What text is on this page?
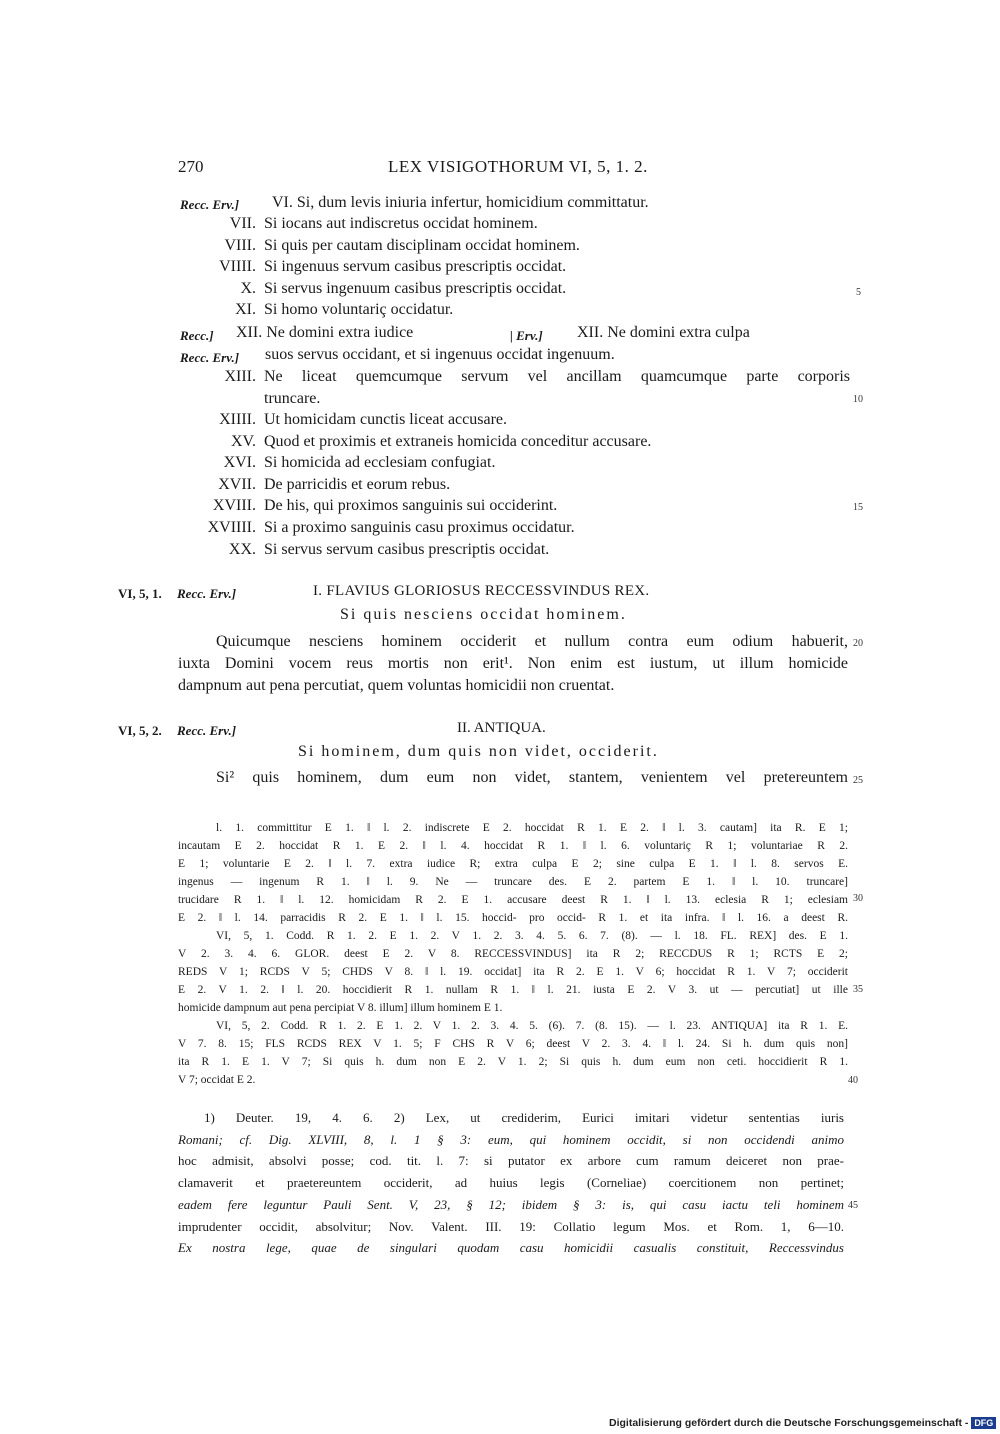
270	LEX VISIGOTHORUM VI, 5, 1. 2.
Recc. Erv.] VI. Si, dum levis iniuria infertur, homicidium committatur.
VII. Si iocans aut indiscretus occidat hominem.
VIII. Si quis per cautam disciplinam occidat hominem.
VIIII. Si ingenuus servum casibus prescriptis occidat.
X. Si servus ingenuum casibus prescriptis occidat.
XI. Si homo voluntariç occidatur.
Recc.] XII. Ne domini extra iudice	| Erv.] XII. Ne domini extra culpa
Recc. Erv.] suos servus occidant, et si ingenuus occidat ingenuum.
XIII. Ne liceat quemcumque servum vel ancillam quamcumque parte corporis
truncare.
XIIII. Ut homicidam cunctis liceat accusare.
XV. Quod et proximis et extraneis homicida conceditur accusare.
XVI. Si homicida ad ecclesiam confugiat.
XVII. De parricidis et eorum rebus.
XVIII. De his, qui proximos sanguinis sui occiderint.
XVIIII. Si a proximo sanguinis casu proximus occidatur.
XX. Si servus servum casibus prescriptis occidat.
5
10
15
20
25
30
35
40
45
VI, 5, 1. Recc. Erv.]	I. FLAVIUS GLORIOSUS RECCESSVINDUS REX.
Si quis nesciens occidat hominem.
Quicumque nesciens hominem occiderit et nullum contra eum odium habuerit,
iuxta Domini vocem reus mortis non erit¹. Non enim est iustum, ut illum homicide
dampnum aut pena percutiat, quem voluntas homicidii non cruentat.
VI, 5, 2. Recc. Erv.]	II. ANTIQUA.
Si hominem, dum quis non videt, occiderit.
Si² quis hominem, dum eum non videt, stantem, venientem vel pretereuntem
l. 1. committitur E 1. ‖ l. 2. indiscrete E 2. hoccidat R 1. E 2. ‖ l. 3. cautam] ita R. E 1;
incautam E 2. hoccidat R 1. E 2. ‖ l. 4. hoccidat R 1. ‖ l. 6. voluntariç R 1; voluntariae R 2.
E 1; voluntarie E 2. ‖ l. 7. extra iudice R; extra culpa E 2; sine culpa E 1. ‖ l. 8. servos E.
ingenus — ingenum R 1. ‖ l. 9. Ne — truncare des. E 2. partem E 1. ‖ l. 10. truncare]
trucidare R 1. ‖ l. 12. homicidam R 2. E 1. accusare deest R 1. ‖ l. 13. eclesia R 1; eclesiam
E 2. ‖ l. 14. parracidis R 2. E 1. ‖ l. 15. hoccid- pro occid- R 1. et ita infra. ‖ l. 16. a deest R.
VI, 5, 1. Codd. R 1. 2. E 1. 2. V 1. 2. 3. 4. 5. 6. 7. (8). — l. 18. FL. REX] des. E 1.
V 2. 3. 4. 6. GLOR. deest E 2. V 8. RECCESSVINDUS] ita R 2; RECCDUS R 1; RCTS E 2;
REDS V 1; RCDS V 5; CHDS V 8. ‖ l. 19. occidat] ita R 2. E 1. V 6; hoccidat R 1. V 7; occiderit
E 2. V 1. 2. ‖ l. 20. hoccidierit R 1. nullam R 1. ‖ l. 21. iusta E 2. V 3. ut — percutiat] ut ille
homicide dampnum aut pena percipiat V 8. illum] illum hominem E 1.
VI, 5, 2. Codd. R 1. 2. E 1. 2. V 1. 2. 3. 4. 5. (6). 7. (8. 15). — l. 23. ANTIQUA] ita R 1. E.
V 7. 8. 15; FLS RCDS REX V 1. 5; F CHS R V 6; deest V 2. 3. 4. ‖ l. 24. Si h. dum quis non]
ita R 1. E 1. V 7; Si quis h. dum non E 2. V 1. 2; Si quis h. dum eum non ceti. hoccidierit R 1.
V 7; occidat E 2.
1) Deuter. 19, 4. 6. 2) Lex, ut crediderim, Eurici imitari videtur sententias iuris
Romani; cf. Dig. XLVIII, 8, l. 1 § 3: eum, qui hominem occidit, si non occidendi animo
hoc admisit, absolvi posse; cod. tit. l. 7: si putator ex arbore cum ramum deiceret non prae-
clamaverit et praetereuntem occiderit, ad huius legis (Corneliae) coercitionem non pertinet;
eadem fere leguntur Pauli Sent. V, 23, § 12; ibidem § 3: is, qui casu iactu teli hominem
imprudenter occidit, absolvitur; Nov. Valent. III. 19: Collatio legum Mos. et Rom. 1, 6—10.
Ex nostra lege, quae de singulari quodam casu homicidii casualis constituit, Reccessvindus
Digitalisierung gefördert durch die Deutsche Forschungsgemeinschaft - DFG
